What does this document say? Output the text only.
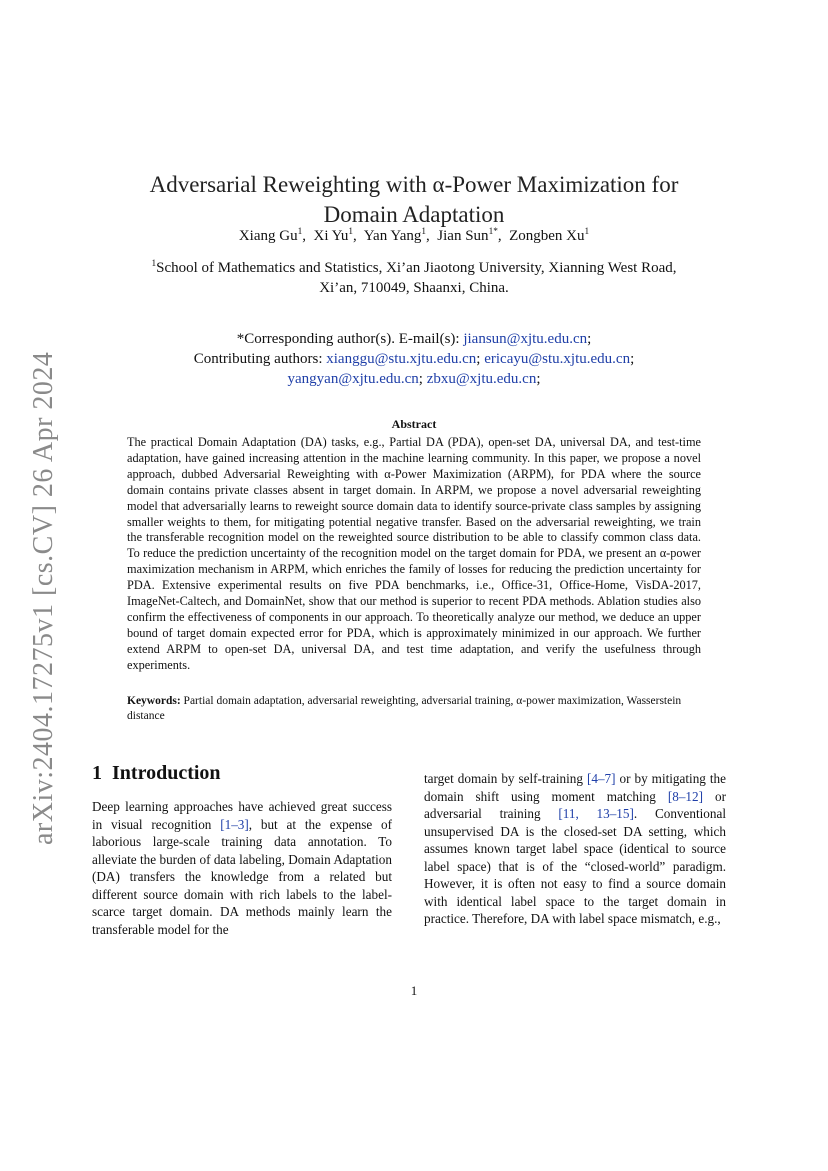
arXiv:2404.17275v1 [cs.CV] 26 Apr 2024
Adversarial Reweighting with α-Power Maximization for
Domain Adaptation
Xiang Gu$^1$,  Xi Yu$^1$,  Yan Yang$^1$,  Jian Sun$^{1*}$,  Zongben Xu$^1$
$^1$School of Mathematics and Statistics, Xi’an Jiaotong University, Xianning West Road,
Xi’an, 710049, Shaanxi, China.
*Corresponding author(s). E-mail(s): jiansun@xjtu.edu.cn;
Contributing authors: xianggu@stu.xjtu.edu.cn; ericayu@stu.xjtu.edu.cn;
yangyan@xjtu.edu.cn; zbxu@xjtu.edu.cn;
Abstract
The practical Domain Adaptation (DA) tasks, e.g., Partial DA (PDA), open-set DA, universal DA, and test-time adaptation, have gained increasing attention in the machine learning community. In this paper, we propose a novel approach, dubbed Adversarial Reweighting with α-Power Maximization (ARPM), for PDA where the source domain contains private classes absent in target domain. In ARPM, we propose a novel adversarial reweighting model that adversarially learns to reweight source domain data to identify source-private class samples by assigning smaller weights to them, for mitigating potential negative transfer. Based on the adversarial reweighting, we train the transferable recognition model on the reweighted source distribution to be able to classify common class data. To reduce the prediction uncertainty of the recognition model on the target domain for PDA, we present an α-power maximization mechanism in ARPM, which enriches the family of losses for reducing the prediction uncertainty for PDA. Extensive experimental results on five PDA benchmarks, i.e., Office-31, Office-Home, VisDA-2017, ImageNet-Caltech, and DomainNet, show that our method is superior to recent PDA methods. Ablation studies also confirm the effectiveness of components in our approach. To theoretically analyze our method, we deduce an upper bound of target domain expected error for PDA, which is approximately minimized in our approach. We further extend ARPM to open-set DA, universal DA, and test time adaptation, and verify the usefulness through experiments.
Keywords: Partial domain adaptation, adversarial reweighting, adversarial training, α-power maximization, Wasserstein distance
1 Introduction
Deep learning approaches have achieved great success in visual recognition [1–3], but at the expense of laborious large-scale training data annotation. To alleviate the burden of data labeling, Domain Adaptation (DA) transfers the knowledge from a related but different source domain with rich labels to the label-scarce target domain. DA methods mainly learn the transferable model for the
target domain by self-training [4–7] or by mitigating the domain shift using moment matching [8–12] or adversarial training [11, 13–15]. Conventional unsupervised DA is the closed-set DA setting, which assumes known target label space (identical to source label space) that is of the “closed-world” paradigm. However, it is often not easy to find a source domain with identical label space to the target domain in practice. Therefore, DA with label space mismatch, e.g.,
1
